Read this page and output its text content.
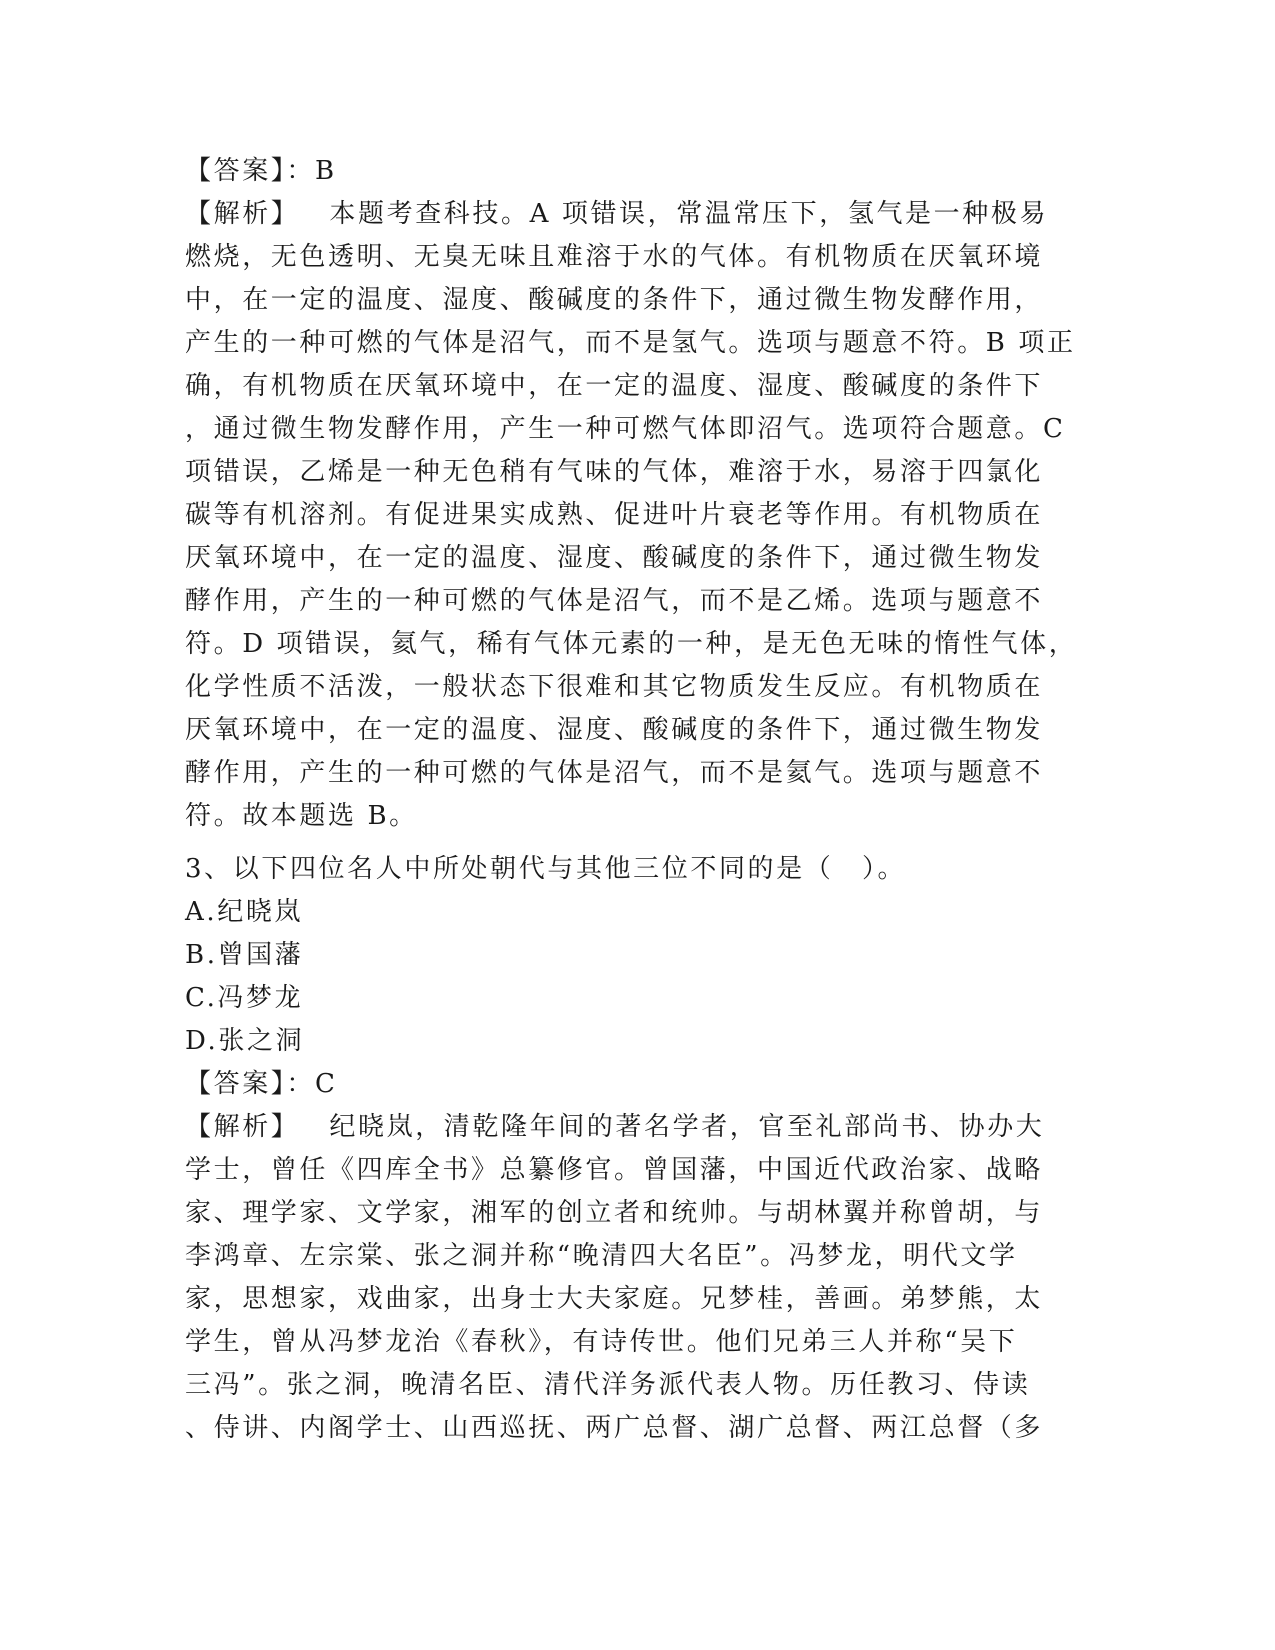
【答案】：B
【解析】 本题考查科技。A 项错误，常温常压下，氢气是一种极易
燃烧，无色透明、无臭无味且难溶于水的气体。有机物质在厌氧环境
中，在一定的温度、湿度、酸碱度的条件下，通过微生物发酵作用，
产生的一种可燃的气体是沼气，而不是氢气。选项与题意不符。B 项正
确，有机物质在厌氧环境中，在一定的温度、湿度、酸碱度的条件下
，通过微生物发酵作用，产生一种可燃气体即沼气。选项符合题意。C
项错误，乙烯是一种无色稍有气味的气体，难溶于水，易溶于四氯化
碳等有机溶剂。有促进果实成熟、促进叶片衰老等作用。有机物质在
厌氧环境中，在一定的温度、湿度、酸碱度的条件下，通过微生物发
酵作用，产生的一种可燃的气体是沼气，而不是乙烯。选项与题意不
符。D 项错误，氦气，稀有气体元素的一种，是无色无味的惰性气体，
化学性质不活泼，一般状态下很难和其它物质发生反应。有机物质在
厌氧环境中，在一定的温度、湿度、酸碱度的条件下，通过微生物发
酵作用，产生的一种可燃的气体是沼气，而不是氦气。选项与题意不
符。故本题选 B。
3、以下四位名人中所处朝代与其他三位不同的是（　）。
A.纪晓岚
B.曾国藩
C.冯梦龙
D.张之洞
【答案】：C
【解析】 纪晓岚，清乾隆年间的著名学者，官至礼部尚书、协办大
学士，曾任《四库全书》总纂修官。曾国藩，中国近代政治家、战略
家、理学家、文学家，湘军的创立者和统帅。与胡林翼并称曾胡，与
李鸿章、左宗棠、张之洞并称“晚清四大名臣”。冯梦龙，明代文学
家，思想家，戏曲家，出身士大夫家庭。兄梦桂，善画。弟梦熊，太
学生，曾从冯梦龙治《春秋》，有诗传世。他们兄弟三人并称“吴下
三冯”。张之洞，晚清名臣、清代洋务派代表人物。历任教习、侍读
、侍讲、内阁学士、山西巡抚、两广总督、湖广总督、两江总督（多
